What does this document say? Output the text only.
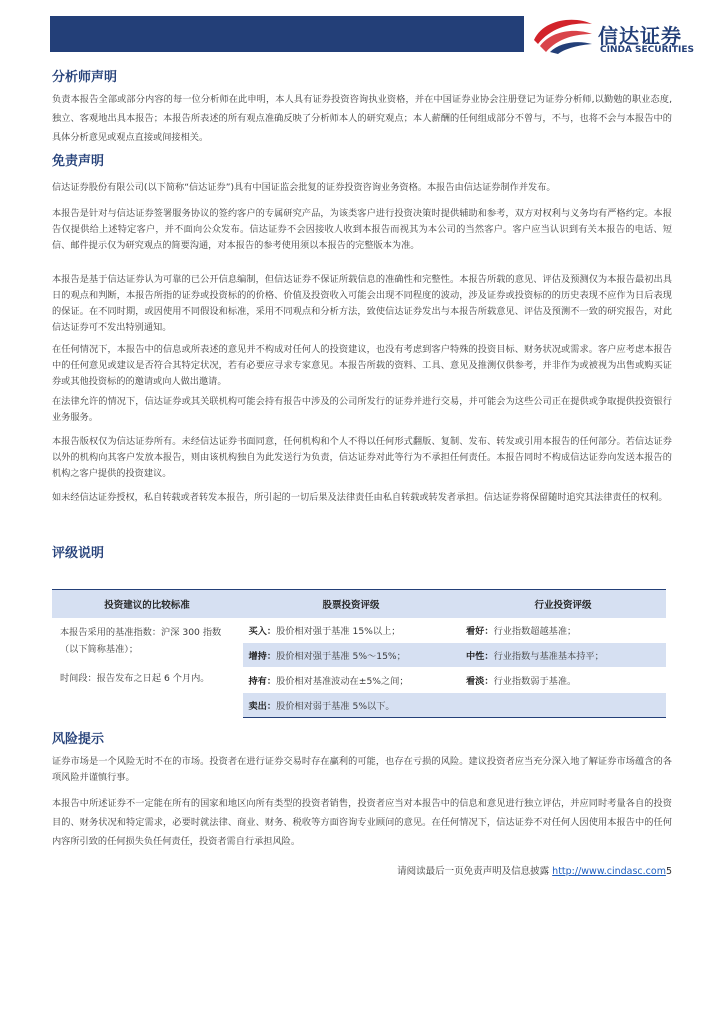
信达证券
CINDA SECURITIES
分析师声明
负责本报告全部或部分内容的每一位分析师在此申明，本人具有证券投资咨询执业资格，并在中国证券业协会注册登记为证券分析师,以勤勉的职业态度,独立、客观地出具本报告；本报告所表述的所有观点准确反映了分析师本人的研究观点；本人薪酬的任何组成部分不曾与，不与，也将不会与本报告中的具体分析意见或观点直接或间接相关。
免责声明
信达证券股份有限公司(以下简称“信达证券”)具有中国证监会批复的证券投资咨询业务资格。本报告由信达证券制作并发布。
本报告是针对与信达证券签署服务协议的签约客户的专属研究产品，为该类客户进行投资决策时提供辅助和参考，双方对权利与义务均有严格约定。本报告仅提供给上述特定客户，并不面向公众发布。信达证券不会因接收人收到本报告而视其为本公司的当然客户。客户应当认识到有关本报告的电话、短信、邮件提示仅为研究观点的简要沟通，对本报告的参考使用须以本报告的完整版本为准。
本报告是基于信达证券认为可靠的已公开信息编制，但信达证券不保证所载信息的准确性和完整性。本报告所载的意见、评估及预测仅为本报告最初出具日的观点和判断，本报告所指的证券或投资标的的价格、价值及投资收入可能会出现不同程度的波动，涉及证券或投资标的的历史表现不应作为日后表现的保证。在不同时期，或因使用不同假设和标准，采用不同观点和分析方法，致使信达证券发出与本报告所载意见、评估及预测不一致的研究报告，对此信达证券可不发出特别通知。
在任何情况下，本报告中的信息或所表述的意见并不构成对任何人的投资建议，也没有考虑到客户特殊的投资目标、财务状况或需求。客户应考虑本报告中的任何意见或建议是否符合其特定状况，若有必要应寻求专家意见。本报告所载的资料、工具、意见及推测仅供参考，并非作为或被视为出售或购买证券或其他投资标的的邀请或向人做出邀请。
在法律允许的情况下，信达证券或其关联机构可能会持有报告中涉及的公司所发行的证券并进行交易，并可能会为这些公司正在提供或争取提供投资银行业务服务。
本报告版权仅为信达证券所有。未经信达证券书面同意，任何机构和个人不得以任何形式翻版、复制、发布、转发或引用本报告的任何部分。若信达证券以外的机构向其客户发放本报告，则由该机构独自为此发送行为负责，信达证券对此等行为不承担任何责任。本报告同时不构成信达证券向发送本报告的机构之客户提供的投资建议。
如未经信达证券授权，私自转载或者转发本报告，所引起的一切后果及法律责任由私自转载或转发者承担。信达证券将保留随时追究其法律责任的权利。
评级说明
投资建议的比较标准	股票投资评级	行业投资评级

本报告采用的基准指数：沪深 300 指数（以下简称基准）；
时间段：报告发布之日起 6 个月内。	买入：股价相对强于基准 15%以上；	看好：行业指数超越基准；
	增持：股价相对强于基准 5%～15%；	中性：行业指数与基准基本持平；
	持有：股价相对基准波动在±5%之间；	看淡：行业指数弱于基准。
	卖出：股价相对弱于基准 5%以下。	
风险提示
证券市场是一个风险无时不在的市场。投资者在进行证券交易时存在赢利的可能，也存在亏损的风险。建议投资者应当充分深入地了解证券市场蕴含的各项风险并谨慎行事。
本报告中所述证券不一定能在所有的国家和地区向所有类型的投资者销售，投资者应当对本报告中的信息和意见进行独立评估，并应同时考量各自的投资目的、财务状况和特定需求，必要时就法律、商业、财务、税收等方面咨询专业顾问的意见。在任何情况下，信达证券不对任何人因使用本报告中的任何内容所引致的任何损失负任何责任，投资者需自行承担风险。
请阅读最后一页免责声明及信息披露 http://www.cindasc.com5
